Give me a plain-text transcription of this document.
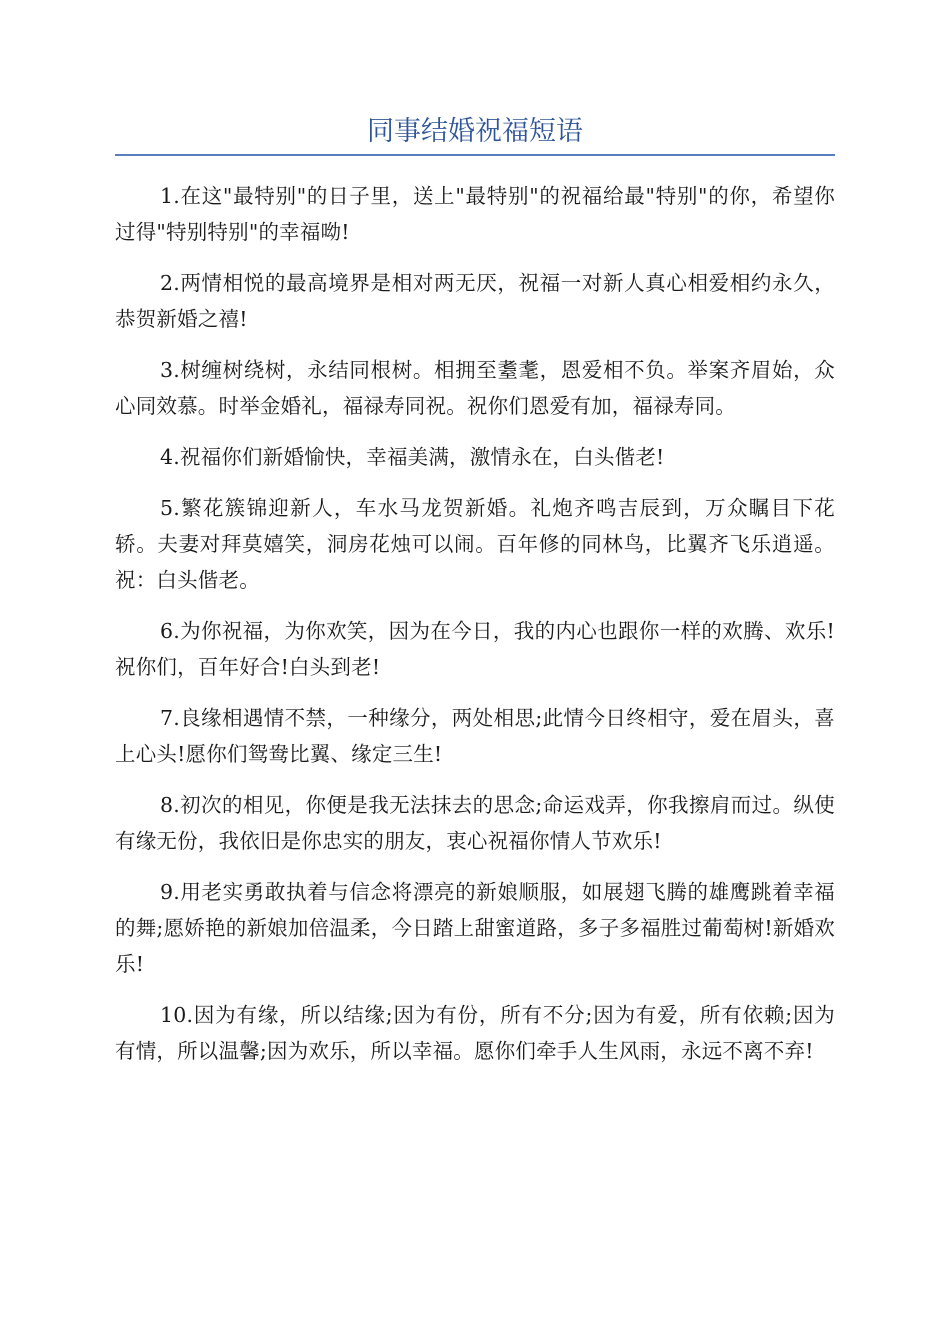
同事结婚祝福短语

1.在这"最特别"的日子里，送上"最特别"的祝福给最"特别"的你，希望你过得"特别特别"的幸福呦!

2.两情相悦的最高境界是相对两无厌，祝福一对新人真心相爱相约永久，恭贺新婚之禧!

3.树缠树绕树，永结同根树。相拥至耋耄，恩爱相不负。举案齐眉始，众心同效慕。时举金婚礼，福禄寿同祝。祝你们恩爱有加，福禄寿同。

4.祝福你们新婚愉快，幸福美满，激情永在，白头偕老!

5.繁花簇锦迎新人，车水马龙贺新婚。礼炮齐鸣吉辰到，万众瞩目下花轿。夫妻对拜莫嬉笑，洞房花烛可以闹。百年修的同林鸟，比翼齐飞乐逍遥。祝：白头偕老。

6.为你祝福，为你欢笑，因为在今日，我的内心也跟你一样的欢腾、欢乐!祝你们，百年好合!白头到老!

7.良缘相遇情不禁，一种缘分，两处相思;此情今日终相守，爱在眉头，喜上心头!愿你们鸳鸯比翼、缘定三生!

8.初次的相见，你便是我无法抹去的思念;命运戏弄，你我擦肩而过。纵使有缘无份，我依旧是你忠实的朋友，衷心祝福你情人节欢乐!

9.用老实勇敢执着与信念将漂亮的新娘顺服，如展翅飞腾的雄鹰跳着幸福的舞;愿娇艳的新娘加倍温柔，今日踏上甜蜜道路，多子多福胜过葡萄树!新婚欢乐!

10.因为有缘，所以结缘;因为有份，所有不分;因为有爱，所有依赖;因为有情，所以温馨;因为欢乐，所以幸福。愿你们牵手人生风雨，永远不离不弃!
